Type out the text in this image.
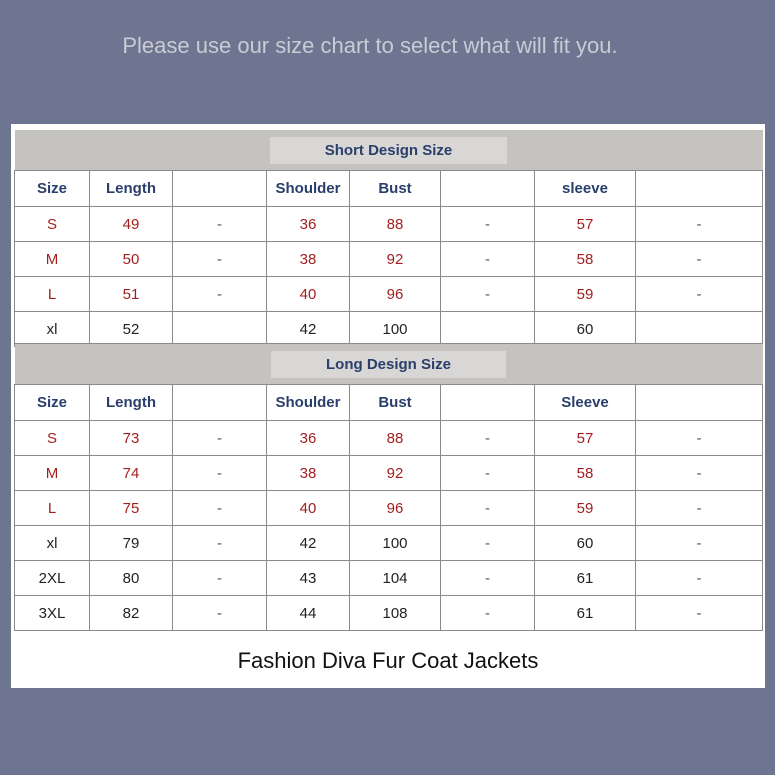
Please use our size chart to select what will fit you.
Short Design Size							
Size	Length		Shoulder	Bust		sleeve	
S	49	-	36	88	-	57	-
M	50	-	38	92	-	58	-
L	51	-	40	96	-	59	-
xl	52		42	100		60	
Long Design Size							
Size	Length		Shoulder	Bust		Sleeve	
S	73	-	36	88	-	57	-
M	74	-	38	92	-	58	-
L	75	-	40	96	-	59	-
xl	79	-	42	100	-	60	-
2XL	80	-	43	104	-	61	-
3XL	82	-	44	108	-	61	-
Fashion Diva Fur Coat Jackets
